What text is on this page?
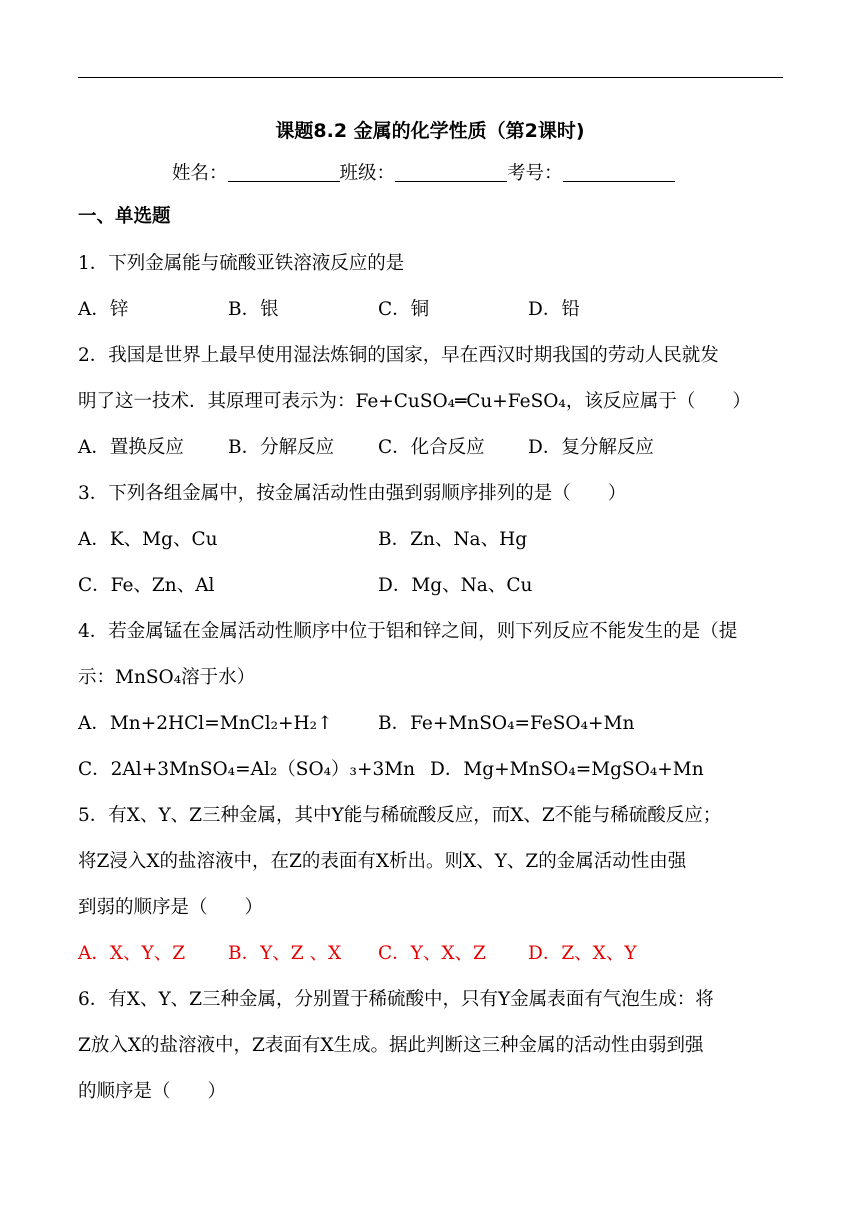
课题8.2 金属的化学性质（第2课时)
姓名：	班级：	考号：
一、单选题
1．下列金属能与硫酸亚铁溶液反应的是
A．锌	B．银	C．铜	D．铅
2．我国是世界上最早使用湿法炼铜的国家，早在西汉时期我国的劳动人民就发
明了这一技术．其原理可表示为：Fe+CuSO₄═Cu+FeSO₄，该反应属于（　　）
A．置换反应 B．分解反应 C．化合反应 D．复分解反应
3．下列各组金属中，按金属活动性由强到弱顺序排列的是（　　）
A．K、Mg、Cu	B．Zn、Na、Hg
C．Fe、Zn、Al	D．Mg、Na、Cu
4．若金属锰在金属活动性顺序中位于铝和锌之间，则下列反应不能发生的是（提
示：MnSO₄溶于水）
A．Mn+2HCl=MnCl₂+H₂↑ B．Fe+MnSO₄=FeSO₄+Mn
C．2Al+3MnSO₄=Al₂（SO₄）₃+3Mn D．Mg+MnSO₄=MgSO₄+Mn
5．有X、Y、Z三种金属，其中Y能与稀硫酸反应，而X、Z不能与稀硫酸反应；
将Z浸入X的盐溶液中，在Z的表面有X析出。则X、Y、Z的金属活动性由强
到弱的顺序是（　　）
A．X、Y、Z B．Y、Z 、X C．Y、X、Z D．Z、X、Y
6．有X、Y、Z三种金属，分别置于稀硫酸中，只有Y金属表面有气泡生成：将
Z放入X的盐溶液中，Z表面有X生成。据此判断这三种金属的活动性由弱到强
的顺序是（　　）
